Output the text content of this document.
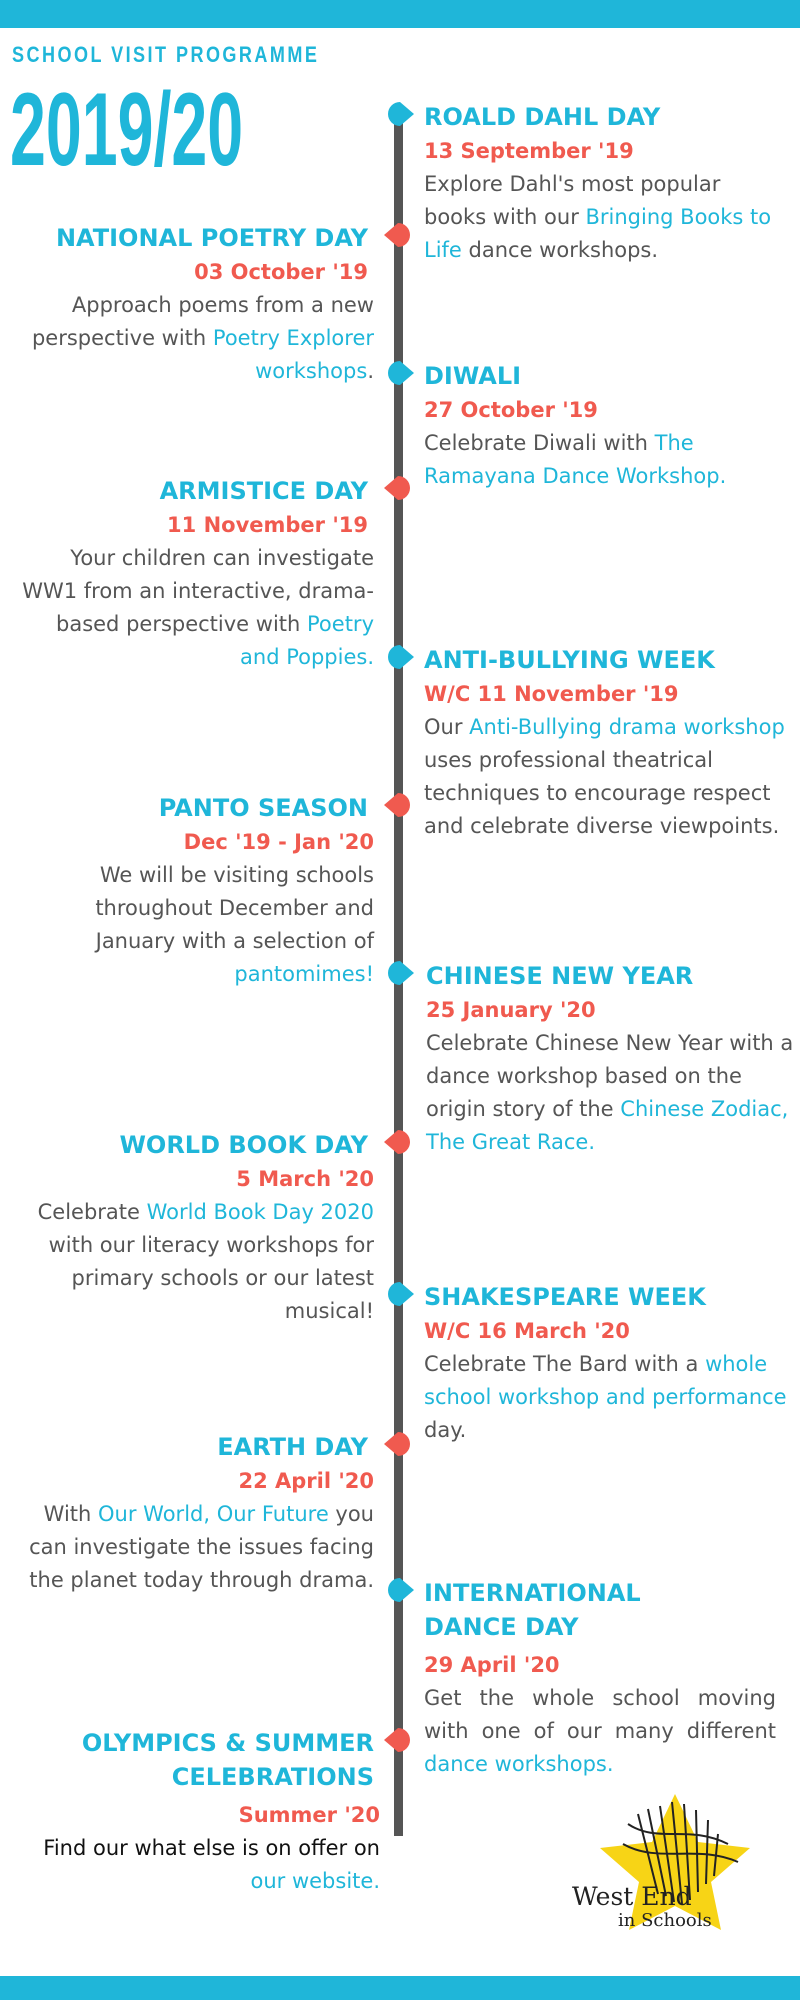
SCHOOL VISIT PROGRAMME
2019/20	ROALD DAHL DAY
13 September '19
Explore Dahl's most popular books with our Bringing Books to Life dance workshops.
DIWALI
27 October '19
Celebrate Diwali with The Ramayana Dance Workshop.
ANTI-BULLYING WEEK
W/C 11 November '19
Our Anti-Bullying drama workshop uses professional theatrical techniques to encourage respect and celebrate diverse viewpoints.
CHINESE NEW YEAR
25 January '20
Celebrate Chinese New Year with a dance workshop based on the origin story of the Chinese Zodiac, The Great Race.
SHAKESPEARE WEEK
W/C 16 March '20
Celebrate The Bard with a whole school workshop and performance day.
INTERNATIONAL
DANCE DAY
29 April '20
Get the whole school moving with one of our many different dance workshops.
NATIONAL POETRY DAY
03 October '19
Approach poems from a new perspective with Poetry Explorer workshops.
ARMISTICE DAY
11 November '19
Your children can investigate WW1 from an interactive, drama-based perspective with Poetry and Poppies.
PANTO SEASON
Dec '19 - Jan '20
We will be visiting schools throughout December and January with a selection of pantomimes!
WORLD BOOK DAY
5 March '20
Celebrate World Book Day 2020 with our literacy workshops for primary schools or our latest musical!
EARTH DAY
22 April '20
With Our World, Our Future you can investigate the issues facing the planet today through drama.
OLYMPICS & SUMMER
CELEBRATIONS
Summer '20
Find our what else is on offer on our website.
West End
in Schools
